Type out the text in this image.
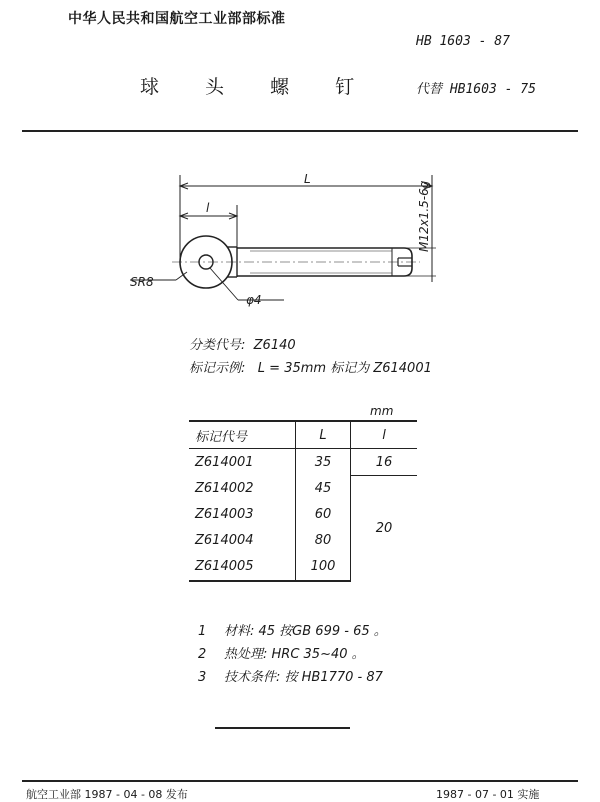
中华人民共和国航空工业部部标准
HB 1603 - 87
球 头 螺 钉	代替 HB1603 - 75
L
l	M12x1.5-6g
SR8
φ4
分类代号: Z6140
标记示例: L = 35mm 标记为 Z614001
mm
标记代号	L	l
Z614001	35	16
Z614002	45	20
Z614003	60	
Z614004	80	
Z614005	100	
1 材料: 45 按GB 699 - 65 。
2 热处理: HRC 35~40 。
3 技术条件: 按 HB1770 - 87
航空工业部 1987 - 04 - 08 发布	1987 - 07 - 01 实施
